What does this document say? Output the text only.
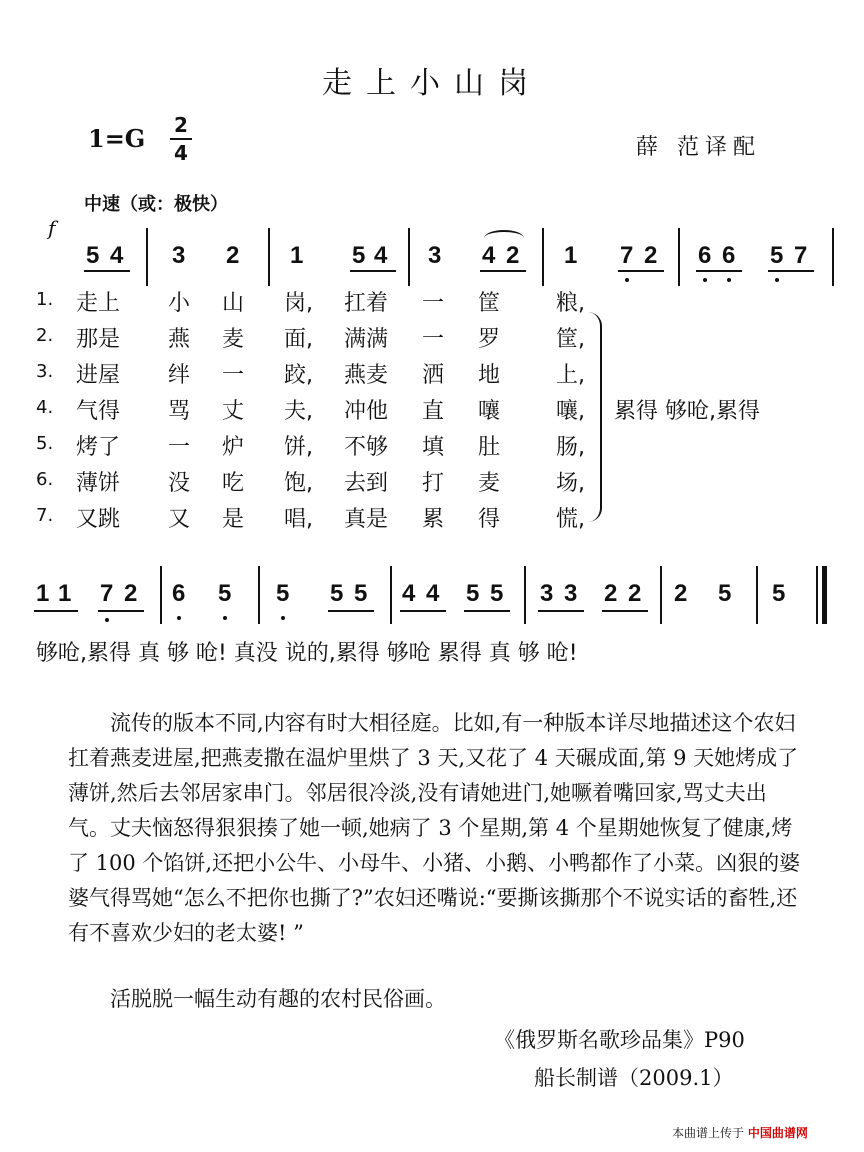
走上小山岗
1=G 2
4	薛 范译配
中速（或：极快）
f
5 4 3 2 1 5 4 3 4 2 1 7 2 6 6 5 7
1. 走上 小 山 岗, 扛着 一 筐	粮,
2. 那是 燕 麦 面, 满满 一 罗	筐,
3. 进屋 绊 一 跤, 燕麦 洒 地	上,
4. 气得 骂 丈 夫, 冲他 直 嚷	嚷,
5. 烤了 一 炉 饼, 不够 填 肚	肠,
6. 薄饼 没 吃 饱, 去到 打 麦	场,
7. 又跳 又 是 唱, 真是 累 得	慌,
累得 够呛,累得
1 1 7 2 6 5 5 5 5 4 4 5 5 3 3 2 2 2 5 5
够呛,累得 真 够 呛! 真没 说的,累得 够呛 累得 真 够 呛!
流传的版本不同,内容有时大相径庭。比如,有一种版本详尽地描述这个农妇扛着燕麦进屋,把燕麦撒在温炉里烘了 3 天,又花了 4 天碾成面,第 9 天她烤成了薄饼,然后去邻居家串门。邻居很冷淡,没有请她进门,她噘着嘴回家,骂丈夫出气。丈夫恼怒得狠狠揍了她一顿,她病了 3 个星期,第 4 个星期她恢复了健康,烤了 100 个馅饼,还把小公牛、小母牛、小猪、小鹅、小鸭都作了小菜。凶狠的婆婆气得骂她“怎么不把你也撕了?”农妇还嘴说:“要撕该撕那个不说实话的畜牲,还有不喜欢少妇的老太婆! ”
活脱脱一幅生动有趣的农村民俗画。
《俄罗斯名歌珍品集》P90
船长制谱（2009.1）
本曲谱上传于 中国曲谱网
